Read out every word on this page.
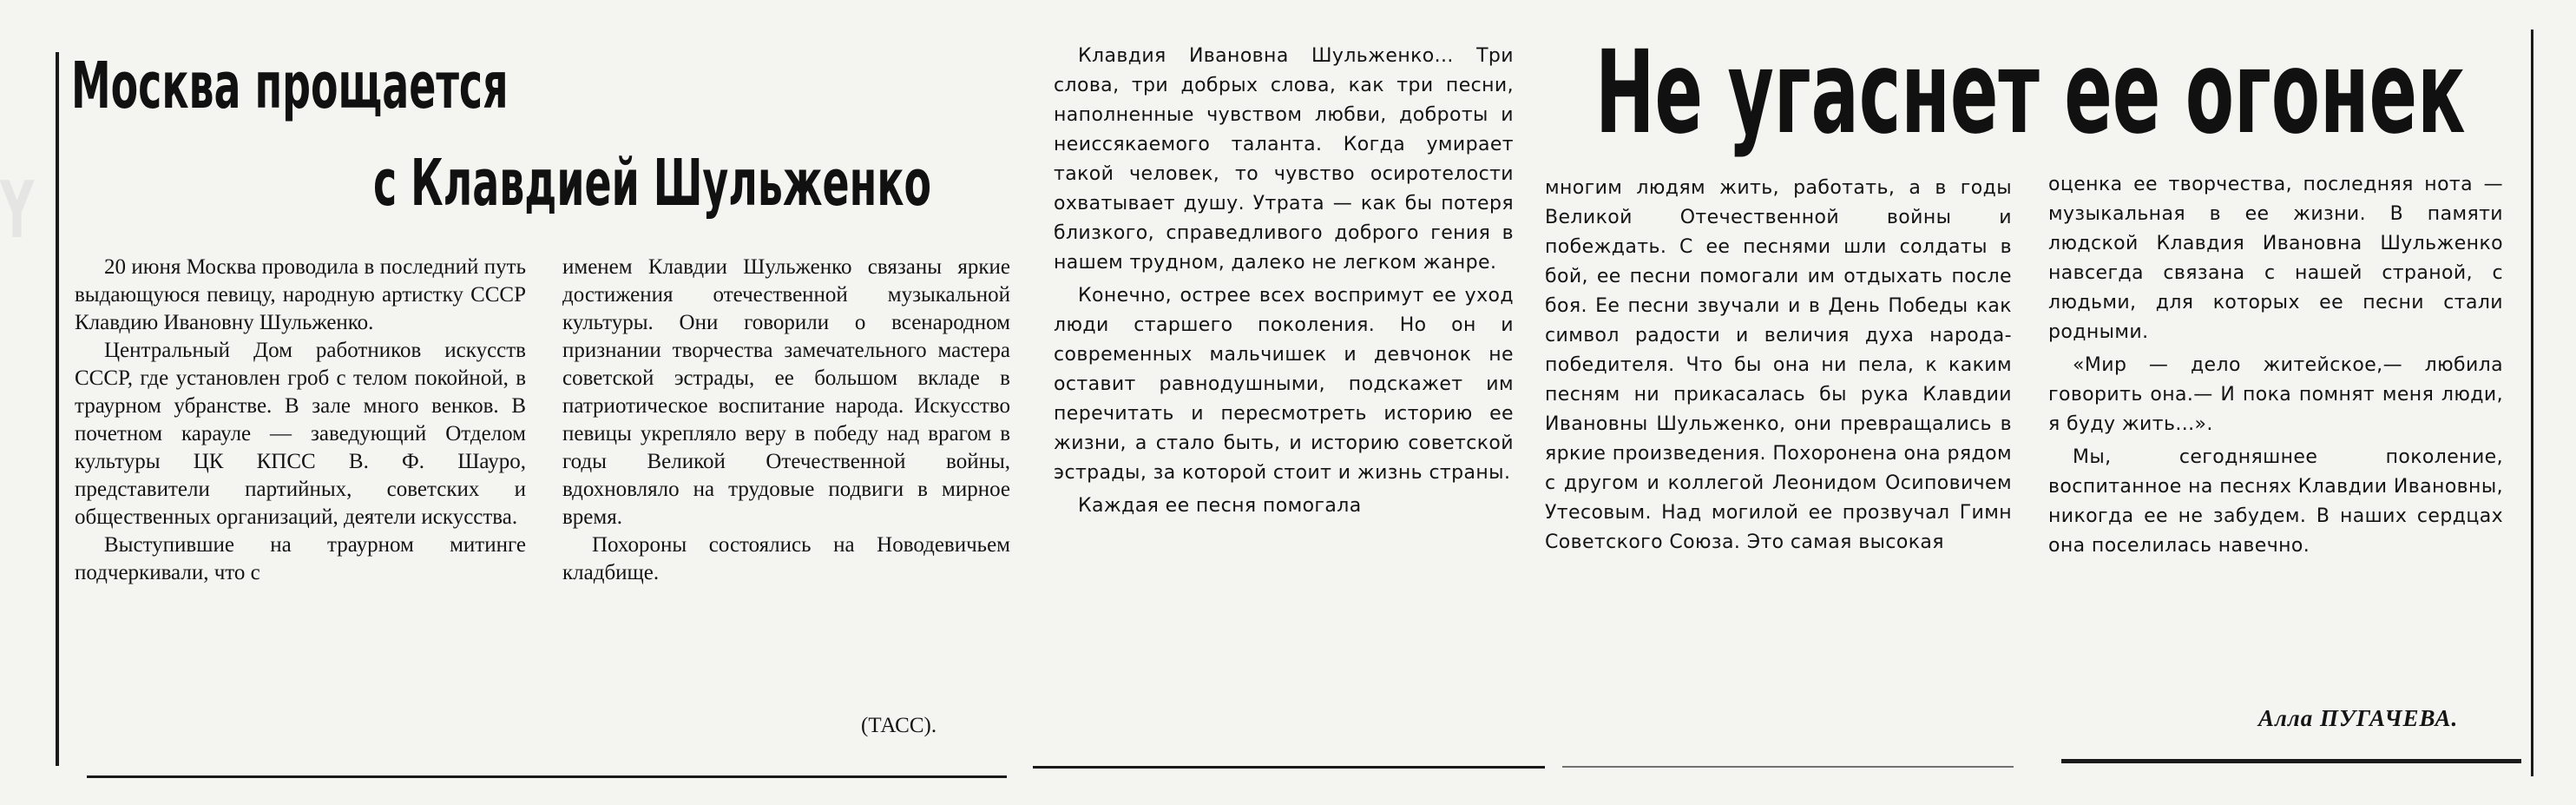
Y
Москва прощается
с Клавдией Шульженко

20 июня Москва проводила в последний путь выдающуюся певицу, народную артистку СССР Клавдию Ивановну Шульженко.

Центральный Дом работников искусств СССР, где установлен гроб с телом покойной, в траурном убранстве. В зале много венков. В почетном карауле — заведующий Отделом культуры ЦК КПСС В. Ф. Шауро, представители партийных, советских и общественных организаций, деятели искусства.

Выступившие на траурном митинге подчеркивали, что с

именем Клавдии Шульженко связаны яркие достижения отечественной музыкальной культуры. Они говорили о всенародном признании творчества замечательного мастера советской эстрады, ее большом вкладе в патриотическое воспитание народа. Искусство певицы укрепляло веру в победу над врагом в годы Великой Отечественной войны, вдохновляло на трудовые подвиги в мирное время.

Похороны состоялись на Новодевичьем кладбище.

(ТАСС).
Не угаснет ее огонек

Клавдия Ивановна Шульженко... Три слова, три добрых слова, как три песни, наполненные чувством любви, доброты и неиссякаемого таланта. Когда умирает такой человек, то чувство осиротелости охватывает душу. Утрата — как бы потеря близкого, справедливого доброго гения в нашем трудном, далеко не легком жанре.

Конечно, острее всех воспримут ее уход люди старшего поколения. Но он и современных мальчишек и девчонок не оставит равнодушными, подскажет им перечитать и пересмотреть историю ее жизни, а стало быть, и историю советской эстрады, за которой стоит и жизнь страны.

Каждая ее песня помогала

многим людям жить, работать, а в годы Великой Отечественной войны и побеждать. С ее песнями шли солдаты в бой, ее песни помогали им отдыхать после боя. Ее песни звучали и в День Победы как символ радости и величия духа народа-победителя. Что бы она ни пела, к каким песням ни прикасалась бы рука Клавдии Ивановны Шульженко, они превращались в яркие произведения. Похоронена она рядом с другом и коллегой Леонидом Осиповичем Утесовым. Над могилой ее прозвучал Гимн Советского Союза. Это самая высокая

оценка ее творчества, последняя нота — музыкальная в ее жизни. В памяти людской Клавдия Ивановна Шульженко навсегда связана с нашей страной, с людьми, для которых ее песни стали родными.

«Мир — дело житейское,— любила говорить она.— И пока помнят меня люди, я буду жить...».

Мы, сегодняшнее поколение, воспитанное на песнях Клавдии Ивановны, никогда ее не забудем. В наших сердцах она поселилась навечно.

Алла ПУГАЧЕВА.
